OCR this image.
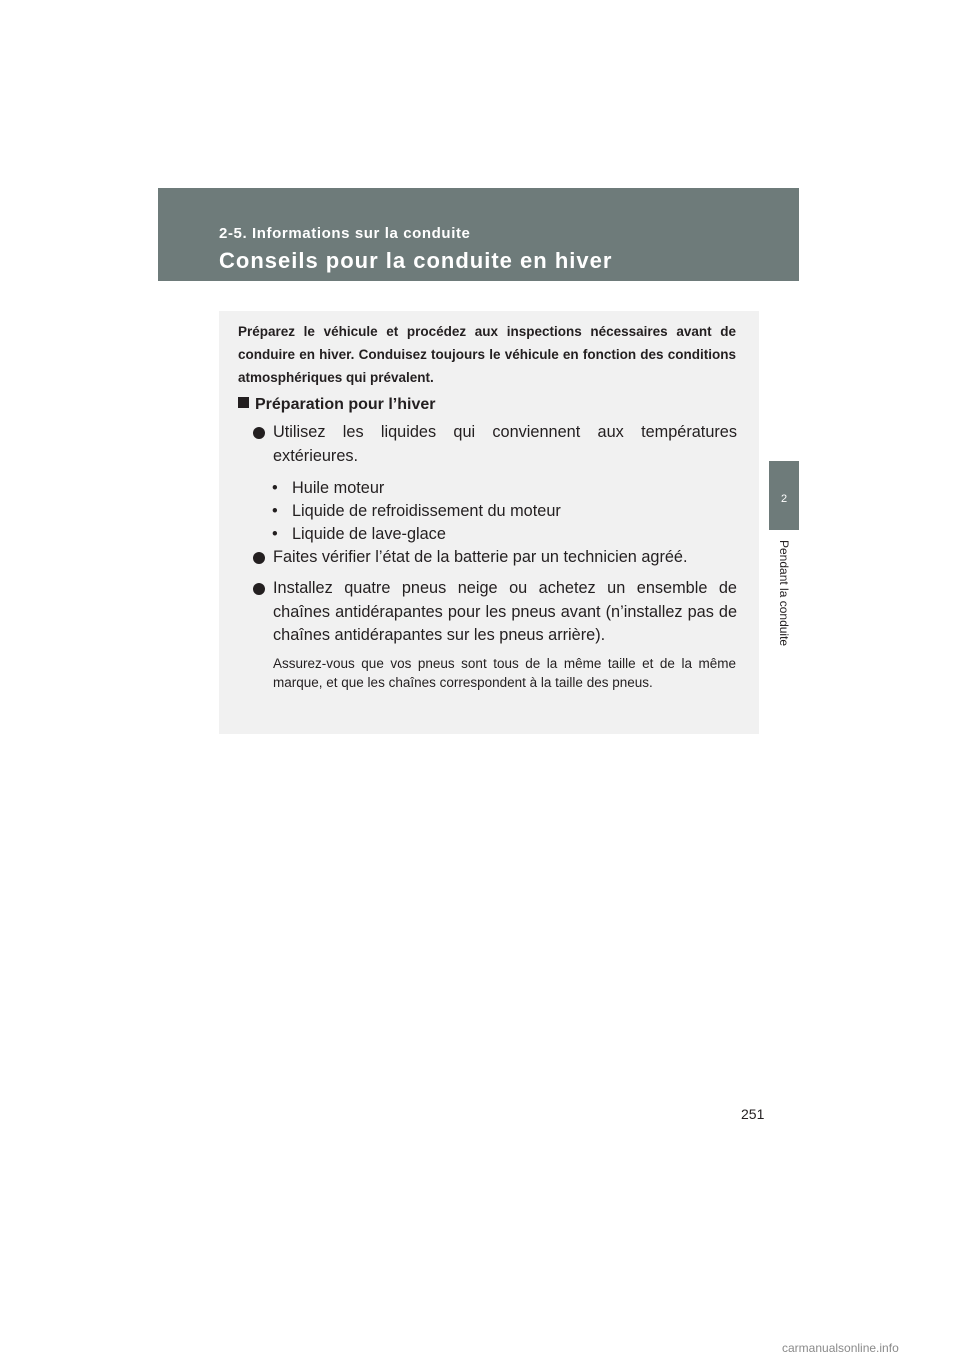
2-5. Informations sur la conduite
Conseils pour la conduite en hiver
2
Pendant la conduite

Préparez le véhicule et procédez aux inspections nécessaires avant de conduire en hiver. Conduisez toujours le véhicule en fonction des conditions atmosphériques qui prévalent.

Préparation pour l’hiver

Utilisez les liquides qui conviennent aux températures extérieures.

• Huile moteur
• Liquide de refroidissement du moteur
• Liquide de lave-glace

Faites vérifier l’état de la batterie par un technicien agréé.

Installez quatre pneus neige ou achetez un ensemble de chaînes antidérapantes pour les pneus avant (n’installez pas de chaînes antidérapantes sur les pneus arrière).

Assurez-vous que vos pneus sont tous de la même taille et de la même marque, et que les chaînes correspondent à la taille des pneus.

251
carmanualsonline.info
